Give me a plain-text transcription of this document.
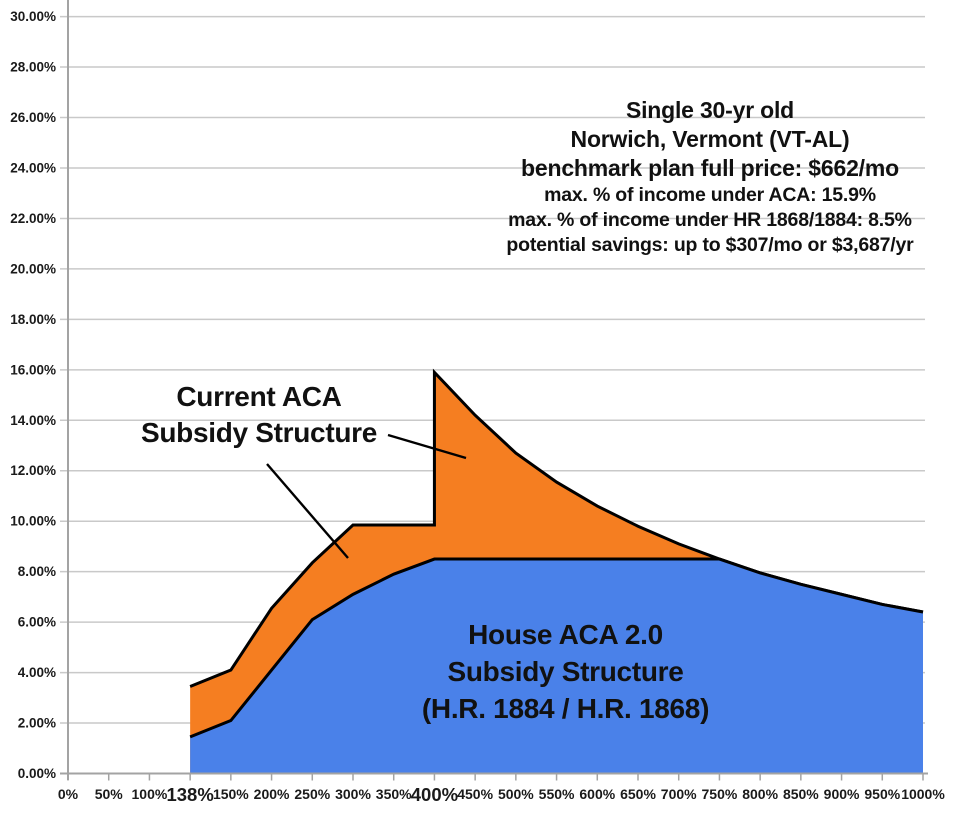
0.00%
2.00%
4.00%
6.00%
8.00%
10.00%
12.00%
14.00%
16.00%
18.00%
20.00%
22.00%
24.00%
26.00%
28.00%
30.00%
0% 50% 100% 138% 150% 200% 250% 300% 350% 400% 450% 500% 550% 600% 650% 700% 750% 800% 850% 900% 950% 1000%
Single 30-yr old
Norwich, Vermont (VT-AL)
benchmark plan full price: $662/mo
max. % of income under ACA: 15.9%
max. % of income under HR 1868/1884: 8.5%
potential savings: up to $307/mo or $3,687/yr
Current ACA
Subsidy Structure
House ACA 2.0
Subsidy Structure
(H.R. 1884 / H.R. 1868)
